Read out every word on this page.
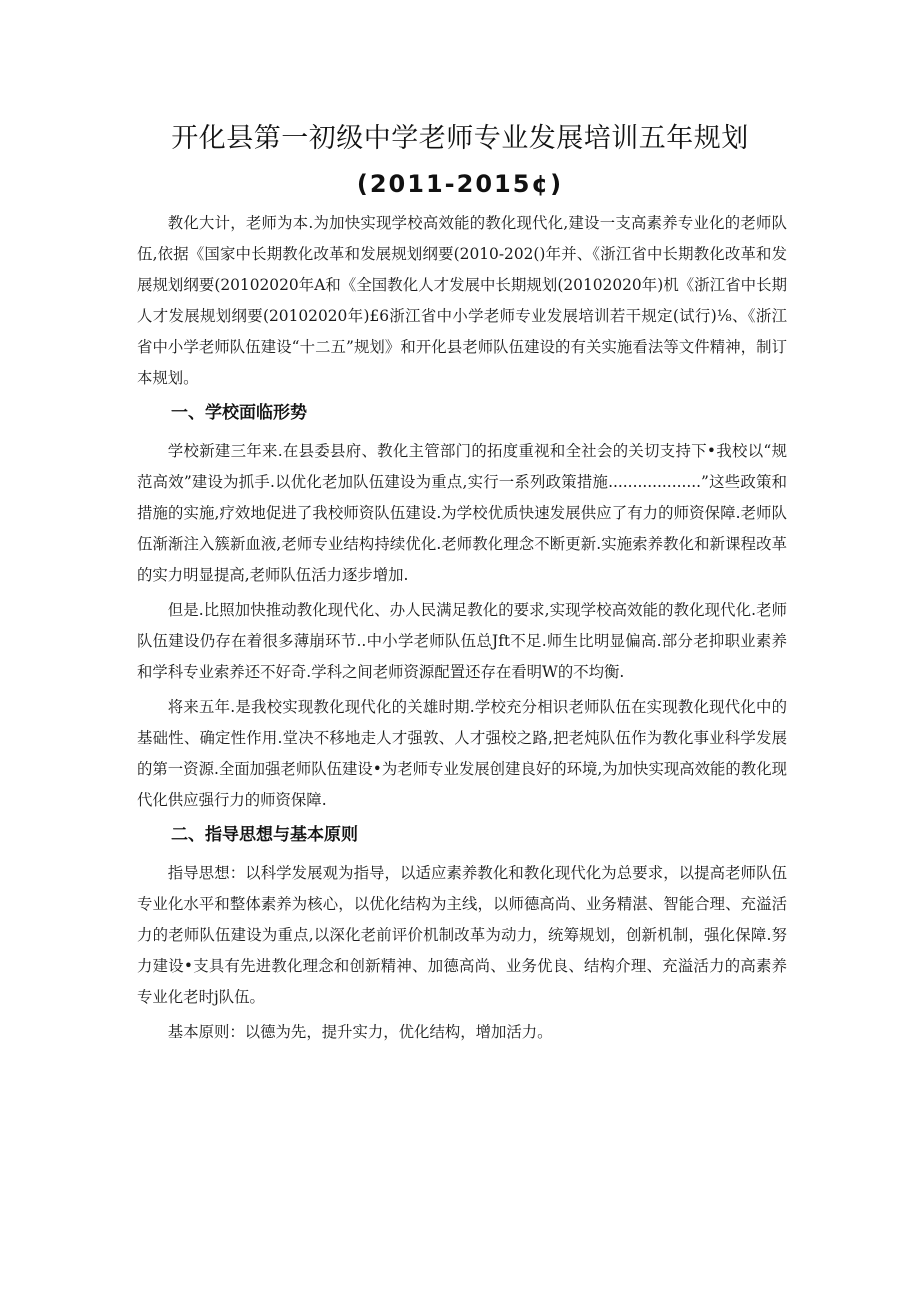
开化县第一初级中学老师专业发展培训五年规划
(2011-2015¢)

教化大计，老师为本.为加快实现学校高效能的教化现代化,建设一支高素养专业化的老师队伍,依据《国家中长期教化改革和发展规划纲要(2010-202()年并、《浙江省中长期教化改革和发展规划纲要(20102020年A和《全国教化人才发展中长期规划(20102020年)机《浙江省中长期人才发展规划纲要(20102020年)£6浙江省中小学老师专业发展培训若干规定(试行)⅛、《浙江省中小学老师队伍建设“十二五”规划》和开化县老师队伍建设的有关实施看法等文件精神，制订本规划。

一、学校面临形势

学校新建三年来.在县委县府、教化主管部门的拓度重视和全社会的关切支持下•我校以“规范高效”建设为抓手.以优化老加队伍建设为重点,实行一系列政策措施...................”这些政策和措施的实施,疗效地促进了我校师资队伍建设.为学校优质快速发展供应了有力的师资保障.老师队伍渐渐注入簇新血液,老师专业结构持续优化.老师教化理念不断更新.实施索养教化和新课程改革的实力明显提高,老师队伍活力逐步增加.

但是.比照加快推动教化现代化、办人民满足教化的要求,实现学校高效能的教化现代化.老师队伍建设仍存在着很多薄崩环节..中小学老师队伍总Jft不足.师生比明显偏高.部分老抑职业素养和学科专业索养还不好奇.学科之间老师资源配置还存在看明W的不均衡.

将来五年.是我校实现教化现代化的关雄时期.学校充分相识老师队伍在实现教化现代化中的基础性、确定性作用.堂决不移地走人才强敦、人才强校之路,把老炖队伍作为教化事业科学发展的第一资源.全面加强老师队伍建设•为老师专业发展创建良好的环境,为加快实现高效能的教化现代化供应强行力的师资保障.

二、指导思想与基本原则

指导思想：以科学发展观为指导，以适应素养教化和教化现代化为总要求，以提高老师队伍专业化水平和整体素养为核心，以优化结构为主线，以师德高尚、业务精湛、智能合理、充溢活力的老师队伍建设为重点,以深化老前评价机制改革为动力，统筹规划，创新机制，强化保障.努力建设•支具有先进教化理念和创新精神、加德高尚、业务优良、结构介理、充溢活力的高素养专业化老时j队伍。

基本原则：以德为先，提升实力，优化结构，增加活力。
